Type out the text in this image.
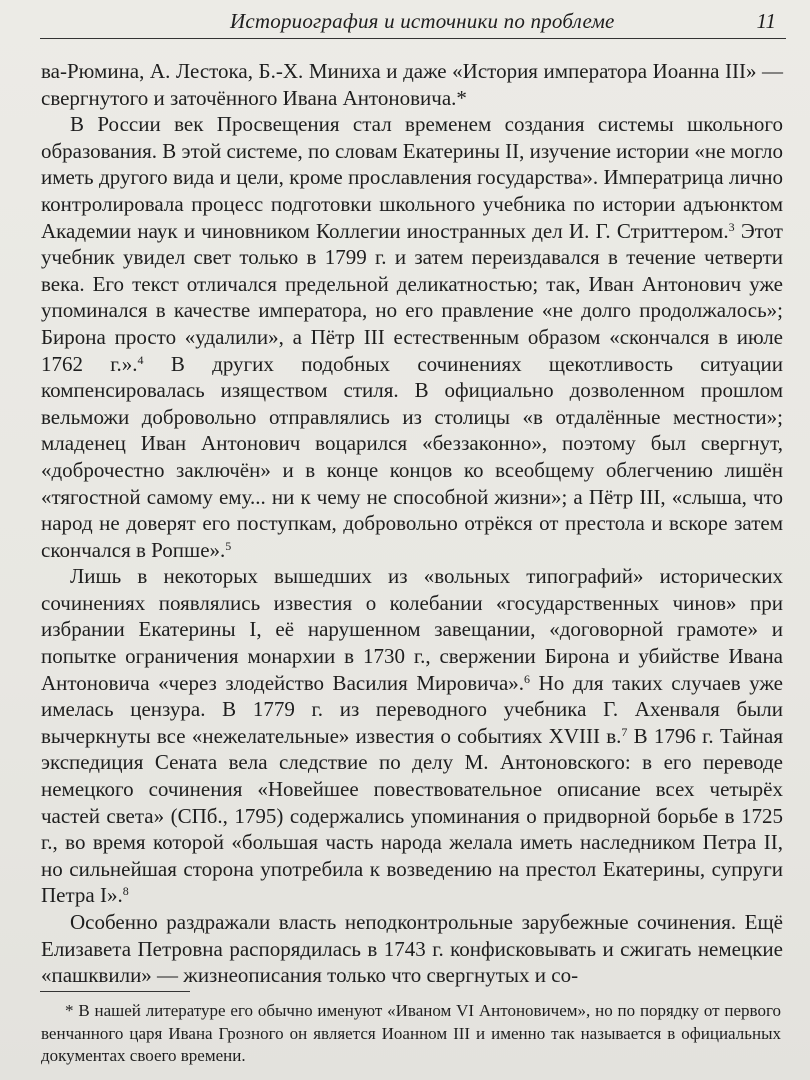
Историография и источники по проблеме	11

ва-Рюмина, А. Лестока, Б.-Х. Миниха и даже «История императора Иоанна III» — свергнутого и заточённого Ивана Антоновича.*

В России век Просвещения стал временем создания системы школьного образования. В этой системе, по словам Екатерины II, изучение истории «не могло иметь другого вида и цели, кроме прославления государства». Императрица лично контролировала процесс подготовки школьного учебника по истории адъюнктом Академии наук и чиновником Коллегии иностранных дел И. Г. Стриттером.$^3$ Этот учебник увидел свет только в 1799 г. и затем переиздавался в течение четверти века. Его текст отличался предельной деликатностью; так, Иван Антонович уже упоминался в качестве императора, но его правление «не долго продолжалось»; Бирона просто «удалили», а Пётр III естественным образом «скончался в июле 1762 г.».$^4$ В других подобных сочинениях щекотливость ситуации компенсировалась изяществом стиля. В официально дозволенном прошлом вельможи добровольно отправлялись из столицы «в отдалённые местности»; младенец Иван Антонович воцарился «беззаконно», поэтому был свергнут, «доброчестно заключён» и в конце концов ко всеобщему облегчению лишён «тягостной самому ему... ни к чему не способной жизни»; а Пётр III, «слыша, что народ не доверят его поступкам, добровольно отрёкся от престола и вскоре затем скончался в Ропше».$^5$

Лишь в некоторых вышедших из «вольных типографий» исторических сочинениях появлялись известия о колебании «государственных чинов» при избрании Екатерины I, её нарушенном завещании, «договорной грамоте» и попытке ограничения монархии в 1730 г., свержении Бирона и убийстве Ивана Антоновича «через злодейство Василия Мировича».$^6$ Но для таких случаев уже имелась цензура. В 1779 г. из переводного учебника Г. Ахенваля были вычеркнуты все «нежелательные» известия о событиях XVIII в.$^7$ В 1796 г. Тайная экспедиция Сената вела следствие по делу М. Антоновского: в его переводе немецкого сочинения «Новейшее повествовательное описание всех четырёх частей света» (СПб., 1795) содержались упоминания о придворной борьбе в 1725 г., во время которой «большая часть народа желала иметь наследником Петра II, но сильнейшая сторона употребила к возведению на престол Екатерины, супруги Петра I».$^8$

Особенно раздражали власть неподконтрольные зарубежные сочинения. Ещё Елизавета Петровна распорядилась в 1743 г. конфисковывать и сжигать немецкие «пашквили» — жизнеописания только что свергнутых и со-

* В нашей литературе его обычно именуют «Иваном VI Антоновичем», но по порядку от первого венчанного царя Ивана Грозного он является Иоанном III и именно так называется в официальных документах своего времени.
